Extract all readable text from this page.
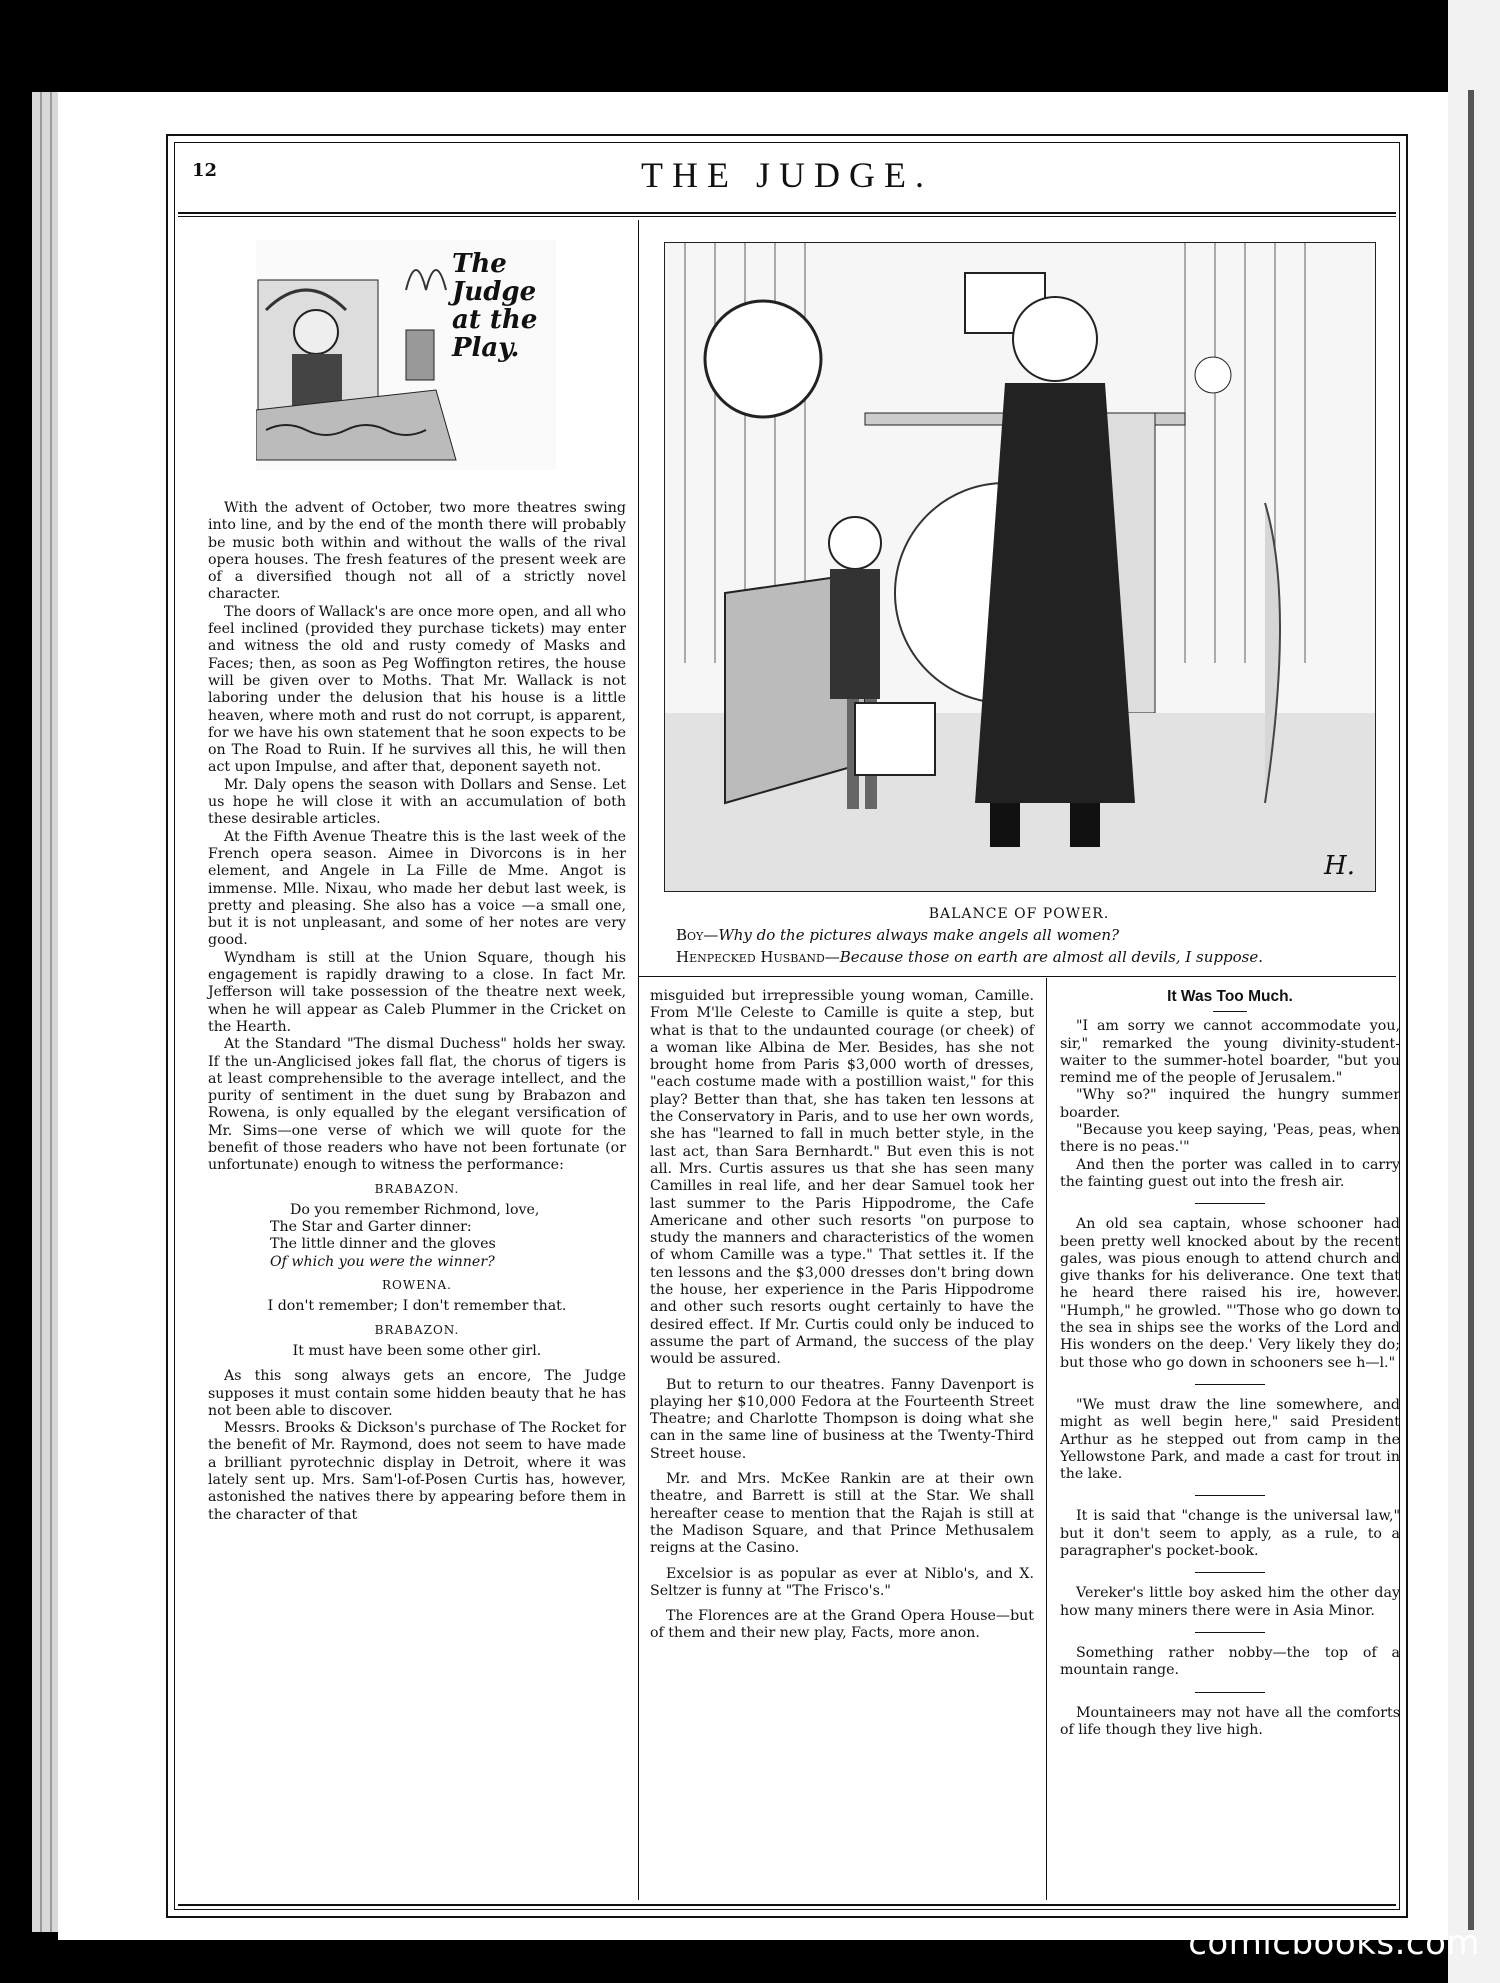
12	THE JUDGE.
The Judge at the Play.

With the advent of October, two more theatres swing into line, and by the end of the month there will probably be music both within and without the walls of the rival opera houses. The fresh features of the present week are of a diversified though not all of a strictly novel character.

The doors of Wallack's are once more open, and all who feel inclined (provided they purchase tickets) may enter and witness the old and rusty comedy of Masks and Faces; then, as soon as Peg Woffington retires, the house will be given over to Moths. That Mr. Wallack is not laboring under the delusion that his house is a little heaven, where moth and rust do not corrupt, is apparent, for we have his own statement that he soon expects to be on The Road to Ruin. If he survives all this, he will then act upon Impulse, and after that, deponent sayeth not.

Mr. Daly opens the season with Dollars and Sense. Let us hope he will close it with an accumulation of both these desirable articles.

At the Fifth Avenue Theatre this is the last week of the French opera season. Aimee in Divorcons is in her element, and Angele in La Fille de Mme. Angot is immense. Mlle. Nixau, who made her debut last week, is pretty and pleasing. She also has a voice —a small one, but it is not unpleasant, and some of her notes are very good.

Wyndham is still at the Union Square, though his engagement is rapidly drawing to a close. In fact Mr. Jefferson will take possession of the theatre next week, when he will appear as Caleb Plummer in the Cricket on the Hearth.

At the Standard "The dismal Duchess" holds her sway. If the un-Anglicised jokes fall flat, the chorus of tigers is at least comprehensible to the average intellect, and the purity of sentiment in the duet sung by Brabazon and Rowena, is only equalled by the elegant versification of Mr. Sims—one verse of which we will quote for the benefit of those readers who have not been fortunate (or unfortunate) enough to witness the performance:

BRABAZON.
Do you remember Richmond, love,
The Star and Garter dinner:
The little dinner and the gloves
Of which you were the winner?
ROWENA.
I don't remember; I don't remember that.
BRABAZON.
It must have been some other girl.

As this song always gets an encore, The Judge supposes it must contain some hidden beauty that he has not been able to discover.

Messrs. Brooks & Dickson's purchase of The Rocket for the benefit of Mr. Raymond, does not seem to have made a brilliant pyrotechnic display in Detroit, where it was lately sent up. Mrs. Sam'l-of-Posen Curtis has, however, astonished the natives there by appearing before them in the character of that

H.
BALANCE OF POWER.
Boy—Why do the pictures always make angels all women?
Henpecked Husband—Because those on earth are almost all devils, I suppose.

misguided but irrepressible young woman, Camille. From M'lle Celeste to Camille is quite a step, but what is that to the undaunted courage (or cheek) of a woman like Albina de Mer. Besides, has she not brought home from Paris $3,000 worth of dresses, "each costume made with a postillion waist," for this play? Better than that, she has taken ten lessons at the Conservatory in Paris, and to use her own words, she has "learned to fall in much better style, in the last act, than Sara Bernhardt." But even this is not all. Mrs. Curtis assures us that she has seen many Camilles in real life, and her dear Samuel took her last summer to the Paris Hippodrome, the Cafe Americane and other such resorts "on purpose to study the manners and characteristics of the women of whom Camille was a type." That settles it. If the ten lessons and the $3,000 dresses don't bring down the house, her experience in the Paris Hippodrome and other such resorts ought certainly to have the desired effect. If Mr. Curtis could only be induced to assume the part of Armand, the success of the play would be assured.

But to return to our theatres. Fanny Davenport is playing her $10,000 Fedora at the Fourteenth Street Theatre; and Charlotte Thompson is doing what she can in the same line of business at the Twenty-Third Street house.

Mr. and Mrs. McKee Rankin are at their own theatre, and Barrett is still at the Star. We shall hereafter cease to mention that the Rajah is still at the Madison Square, and that Prince Methusalem reigns at the Casino.

Excelsior is as popular as ever at Niblo's, and X. Seltzer is funny at "The Frisco's."

The Florences are at the Grand Opera House—but of them and their new play, Facts, more anon.

It Was Too Much.

"I am sorry we cannot accommodate you, sir," remarked the young divinity-student-waiter to the summer-hotel boarder, "but you remind me of the people of Jerusalem."

"Why so?" inquired the hungry summer boarder.

"Because you keep saying, 'Peas, peas, when there is no peas.'"

And then the porter was called in to carry the fainting guest out into the fresh air.

An old sea captain, whose schooner had been pretty well knocked about by the recent gales, was pious enough to attend church and give thanks for his deliverance. One text that he heard there raised his ire, however. "Humph," he growled. "'Those who go down to the sea in ships see the works of the Lord and His wonders on the deep.' Very likely they do; but those who go down in schooners see h—l."

"We must draw the line somewhere, and might as well begin here," said President Arthur as he stepped out from camp in the Yellowstone Park, and made a cast for trout in the lake.

It is said that "change is the universal law," but it don't seem to apply, as a rule, to a paragrapher's pocket-book.

Vereker's little boy asked him the other day how many miners there were in Asia Minor.

Something rather nobby—the top of a mountain range.

Mountaineers may not have all the comforts of life though they live high.

comicbooks.com
